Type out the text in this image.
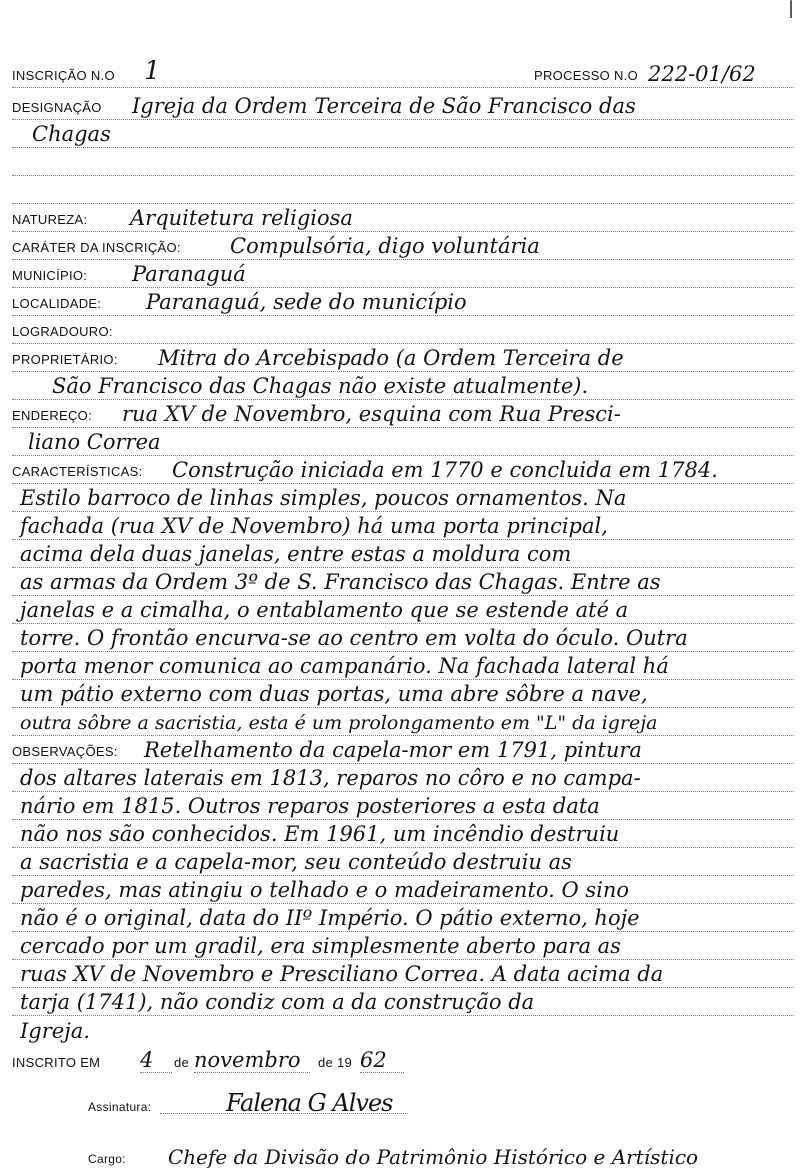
|
INSCRIÇÃO N.O 1	PROCESSO N.O 222-01/62
DESIGNAÇÃO Igreja da Ordem Terceira de São Francisco das
Chagas
NATUREZA: Arquitetura religiosa
CARÁTER DA INSCRIÇÃO: Compulsória, digo voluntária
MUNICÍPIO: Paranaguá
LOCALIDADE: Paranaguá, sede do município
LOGRADOURO:
PROPRIETÁRIO: Mitra do Arcebispado (a Ordem Terceira de
São Francisco das Chagas não existe atualmente).
ENDEREÇO: rua XV de Novembro, esquina com Rua Presci-
liano Correa
CARACTERÍSTICAS: Construção iniciada em 1770 e concluida em 1784.
Estilo barroco de linhas simples, poucos ornamentos. Na
fachada (rua XV de Novembro) há uma porta principal,
acima dela duas janelas, entre estas a moldura com
as armas da Ordem 3º de S. Francisco das Chagas. Entre as
janelas e a cimalha, o entablamento que se estende até a
torre. O frontão encurva-se ao centro em volta do óculo. Outra
porta menor comunica ao campanário. Na fachada lateral há
um pátio externo com duas portas, uma abre sôbre a nave,
outra sôbre a sacristia, esta é um prolongamento em "L" da igreja
OBSERVAÇÕES: Retelhamento da capela-mor em 1791, pintura
dos altares laterais em 1813, reparos no côro e no campa-
nário em 1815. Outros reparos posteriores a esta data
não nos são conhecidos. Em 1961, um incêndio destruiu
a sacristia e a capela-mor, seu conteúdo destruiu as
paredes, mas atingiu o telhado e o madeiramento. O sino
não é o original, data do IIº Império. O pátio externo, hoje
cercado por um gradil, era simplesmente aberto para as
ruas XV de Novembro e Presciliano Correa. A data acima da
tarja (1741), não condiz com a da construção da
Igreja.
INSCRITO EM 4	de novembro	de 19 62
Assinatura:	Falena G Alves
Cargo: Chefe da Divisão do Patrimônio Histórico e Artístico
